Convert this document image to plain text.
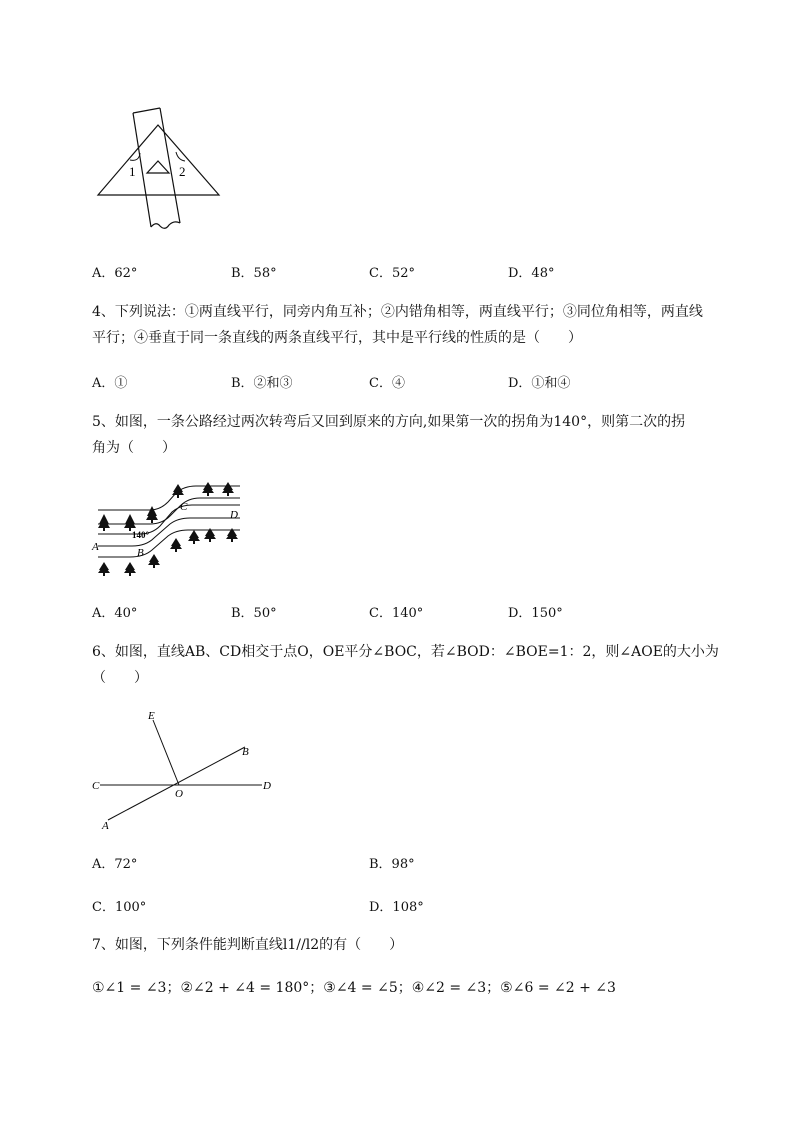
1	2
A．62°	B．58°	C．52°	D．48°
4、下列说法：①两直线平行，同旁内角互补；②内错角相等，两直线平行；③同位角相等，两直线
平行；④垂直于同一条直线的两条直线平行，其中是平行线的性质的是（　　）
A．①	B．②和③	C．④	D．①和④
5、如图，一条公路经过两次转弯后又回到原来的方向,如果第一次的拐角为140°，则第二次的拐
角为（　　）
A	B
C
D
140°
A．40°	B．50°	C．140°	D．150°
6、如图，直线AB、CD相交于点O，OE平分∠BOC，若∠BOD：∠BOE=1：2，则∠AOE的大小为
（　　）
E
B
C	D
O
A
A．72°	B．98°
C．100°	D．108°
7、如图，下列条件能判断直线l1//l2的有（　　）
①∠1 = ∠3；②∠2 + ∠4 = 180°；③∠4 = ∠5；④∠2 = ∠3；⑤∠6 = ∠2 + ∠3
